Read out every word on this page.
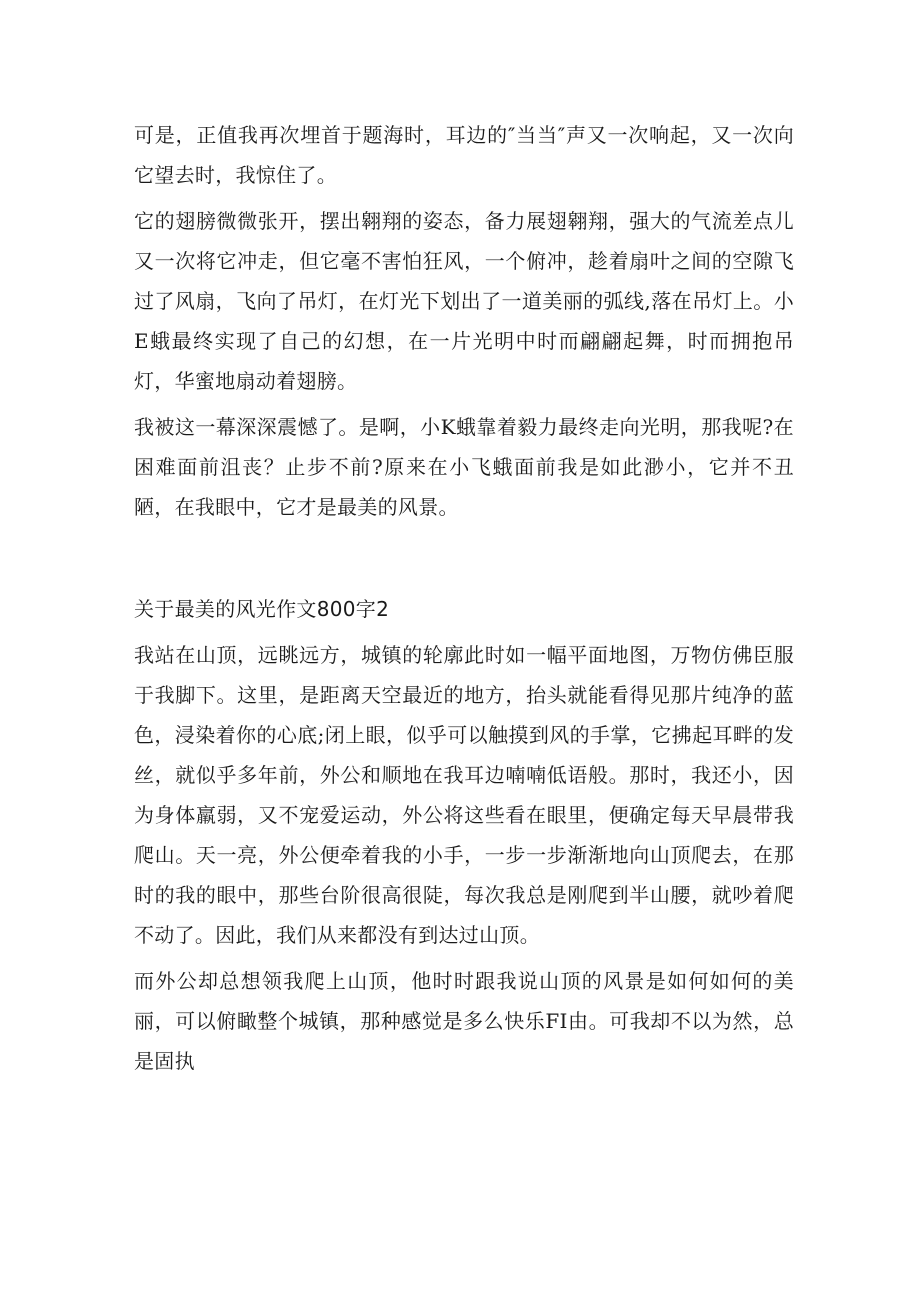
可是，正值我再次埋首于题海时，耳边的″当当″声又一次响起，又一次向它望去时，我惊住了。

它的翅膀微微张开，摆出翱翔的姿态，备力展翅翱翔，强大的气流差点儿又一次将它冲走，但它毫不害怕狂风，一个俯冲，趁着扇叶之间的空隙飞过了风扇，飞向了吊灯，在灯光下划出了一道美丽的弧线,落在吊灯上。小E蛾最终实现了自己的幻想，在一片光明中时而翩翩起舞，时而拥抱吊灯，华蜜地扇动着翅膀。

我被这一幕深深震憾了。是啊，小K蛾靠着毅力最终走向光明，那我呢?在困难面前沮丧？止步不前?原来在小飞蛾面前我是如此渺小，它并不丑陋，在我眼中，它才是最美的风景。

关于最美的风光作文800字2

我站在山顶，远眺远方，城镇的轮廓此时如一幅平面地图，万物仿佛臣服于我脚下。这里，是距离天空最近的地方，抬头就能看得见那片纯净的蓝色，浸染着你的心底;闭上眼，似乎可以触摸到风的手掌，它拂起耳畔的发丝，就似乎多年前，外公和顺地在我耳边喃喃低语般。那时，我还小，因为身体羸弱，又不宠爱运动，外公将这些看在眼里，便确定每天早晨带我爬山。天一亮，外公便牵着我的小手，一步一步渐渐地向山顶爬去，在那时的我的眼中，那些台阶很高很陡，每次我总是刚爬到半山腰，就吵着爬不动了。因此，我们从来都没有到达过山顶。

而外公却总想领我爬上山顶，他时时跟我说山顶的风景是如何如何的美丽，可以俯瞰整个城镇，那种感觉是多么快乐FI由。可我却不以为然，总是固执
